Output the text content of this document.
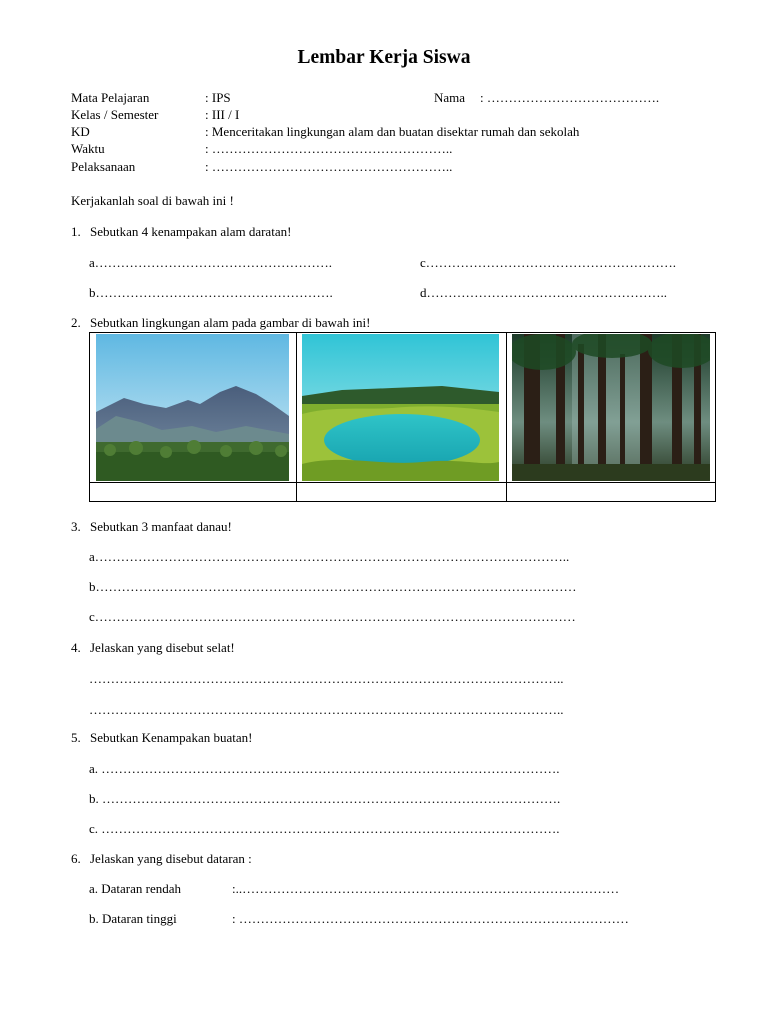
Lembar Kerja Siswa
Mata Pelajaran	: IPS	Nama : ………………………………….
Kelas / Semester	: III / I
KD	: Menceritakan lingkungan alam dan buatan disektar rumah dan sekolah
Waktu	: ………………………………………………..
Pelaksanaan	: ………………………………………………..
Kerjakanlah soal di bawah ini !
1. Sebutkan 4 kenampakan alam daratan!
a……………………………………………….	c………………………………………………….
b……………………………………………….	d………………………………………………..
2. Sebutkan lingkungan alam pada gambar di bawah ini!
3. Sebutkan 3 manfaat danau!
a………………………………………………………………………………………………..
b…………………………………………………………………………………………………
c…………………………………………………………………………………………………
4. Jelaskan yang disebut selat!
………………………………………………………………………………………………..
………………………………………………………………………………………………..
5. Sebutkan Kenampakan buatan!
a. …………………………………………………………………………………………….
b. …………………………………………………………………………………………….
c. …………………………………………………………………………………………….
6. Jelaskan yang disebut dataran :
a. Dataran rendah	:..……………………………………………………………………………
b. Dataran tinggi	: ………………………………………………………………………………
